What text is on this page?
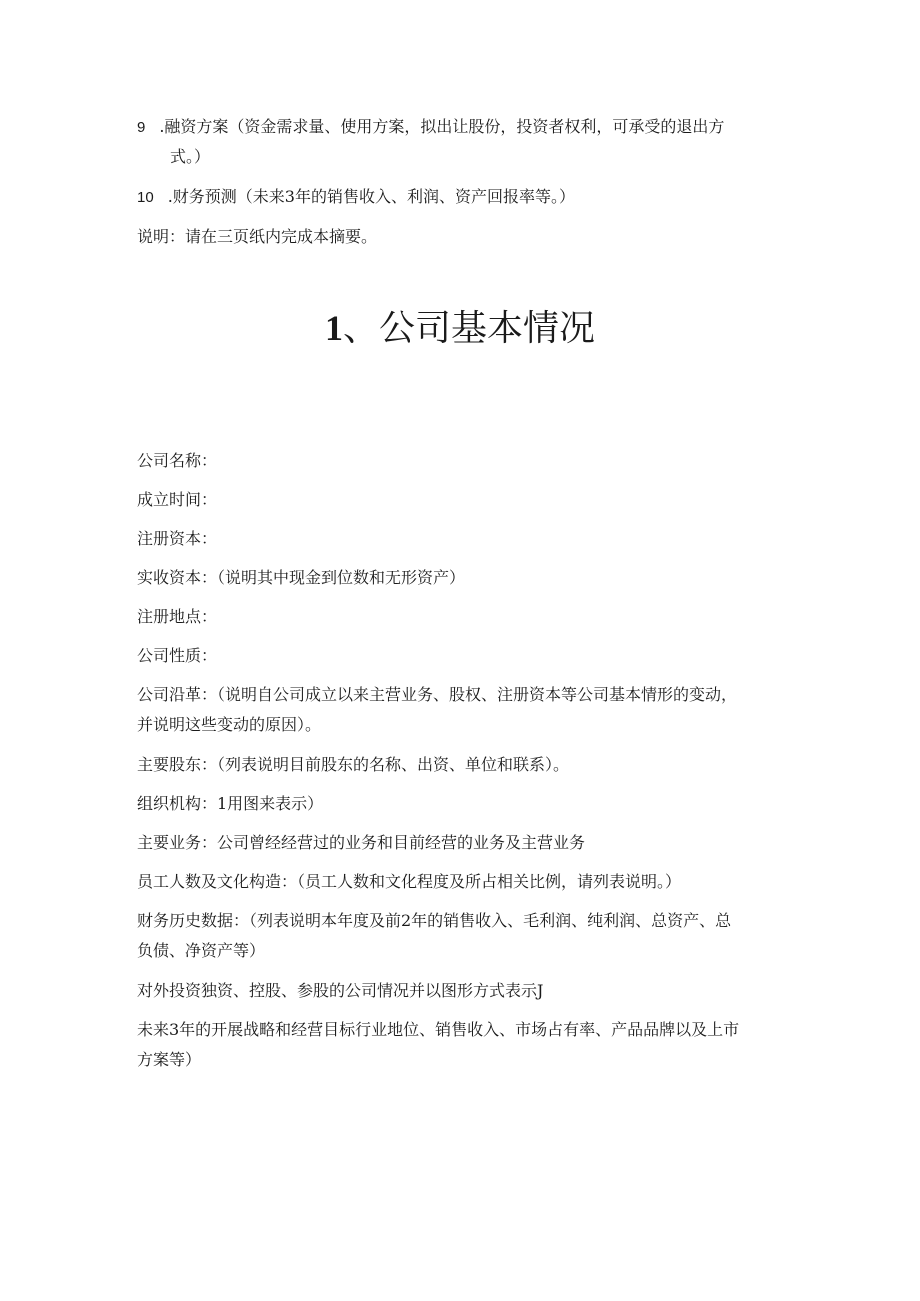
9 .融资方案（资金需求量、使用方案，拟出让股份，投资者权利，可承受的退出方
式。）
10 .财务预测（未来3年的销售收入、利润、资产回报率等。）
说明：请在三页纸内完成本摘要。
1、公司基本情况
公司名称：
成立时间：
注册资本：
实收资本：（说明其中现金到位数和无形资产）
注册地点：
公司性质：
公司沿革：（说明自公司成立以来主营业务、股权、注册资本等公司基本情形的变动，
并说明这些变动的原因）。
主要股东：（列表说明目前股东的名称、出资、单位和联系）。
组织机构：1用图来表示）
主要业务：公司曾经经营过的业务和目前经营的业务及主营业务
员工人数及文化构造：（员工人数和文化程度及所占相关比例，请列表说明。）
财务历史数据：（列表说明本年度及前2年的销售收入、毛利润、纯利润、总资产、总
负债、净资产等）
对外投资独资、控股、参股的公司情况并以图形方式表示J
未来3年的开展战略和经营目标行业地位、销售收入、市场占有率、产品品牌以及上市
方案等）
